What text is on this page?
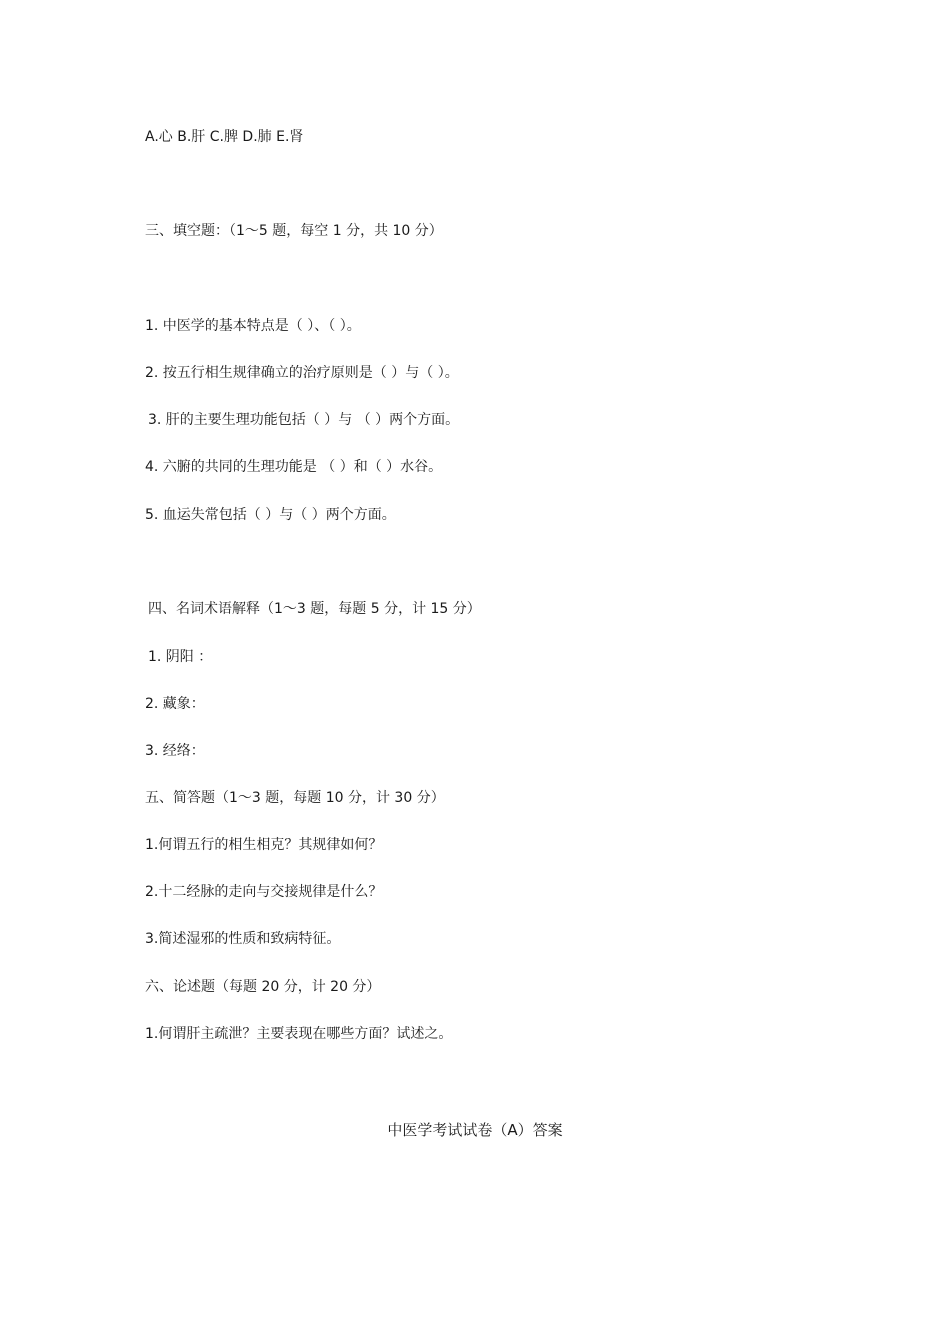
A.心 B.肝 C.脾 D.肺 E.肾
三、填空题：（1～5 题，每空 1 分，共 10 分）
1. 中医学的基本特点是（ ）、（ ）。
2. 按五行相生规律确立的治疗原则是（ ）与（ ）。
3. 肝的主要生理功能包括（ ）与 （ ）两个方面。
4. 六腑的共同的生理功能是 （ ）和（ ）水谷。
5. 血运失常包括（ ）与（ ）两个方面。
四、名词术语解释（1～3 题，每题 5 分，计 15 分）
1. 阴阳 ：
2. 藏象：
3. 经络：
五、简答题（1～3 题，每题 10 分，计 30 分）
1.何谓五行的相生相克？其规律如何？
2.十二经脉的走向与交接规律是什么？
3.简述湿邪的性质和致病特征。
六、论述题（每题 20 分，计 20 分）
1.何谓肝主疏泄？主要表现在哪些方面？试述之。
中医学考试试卷（A）答案
